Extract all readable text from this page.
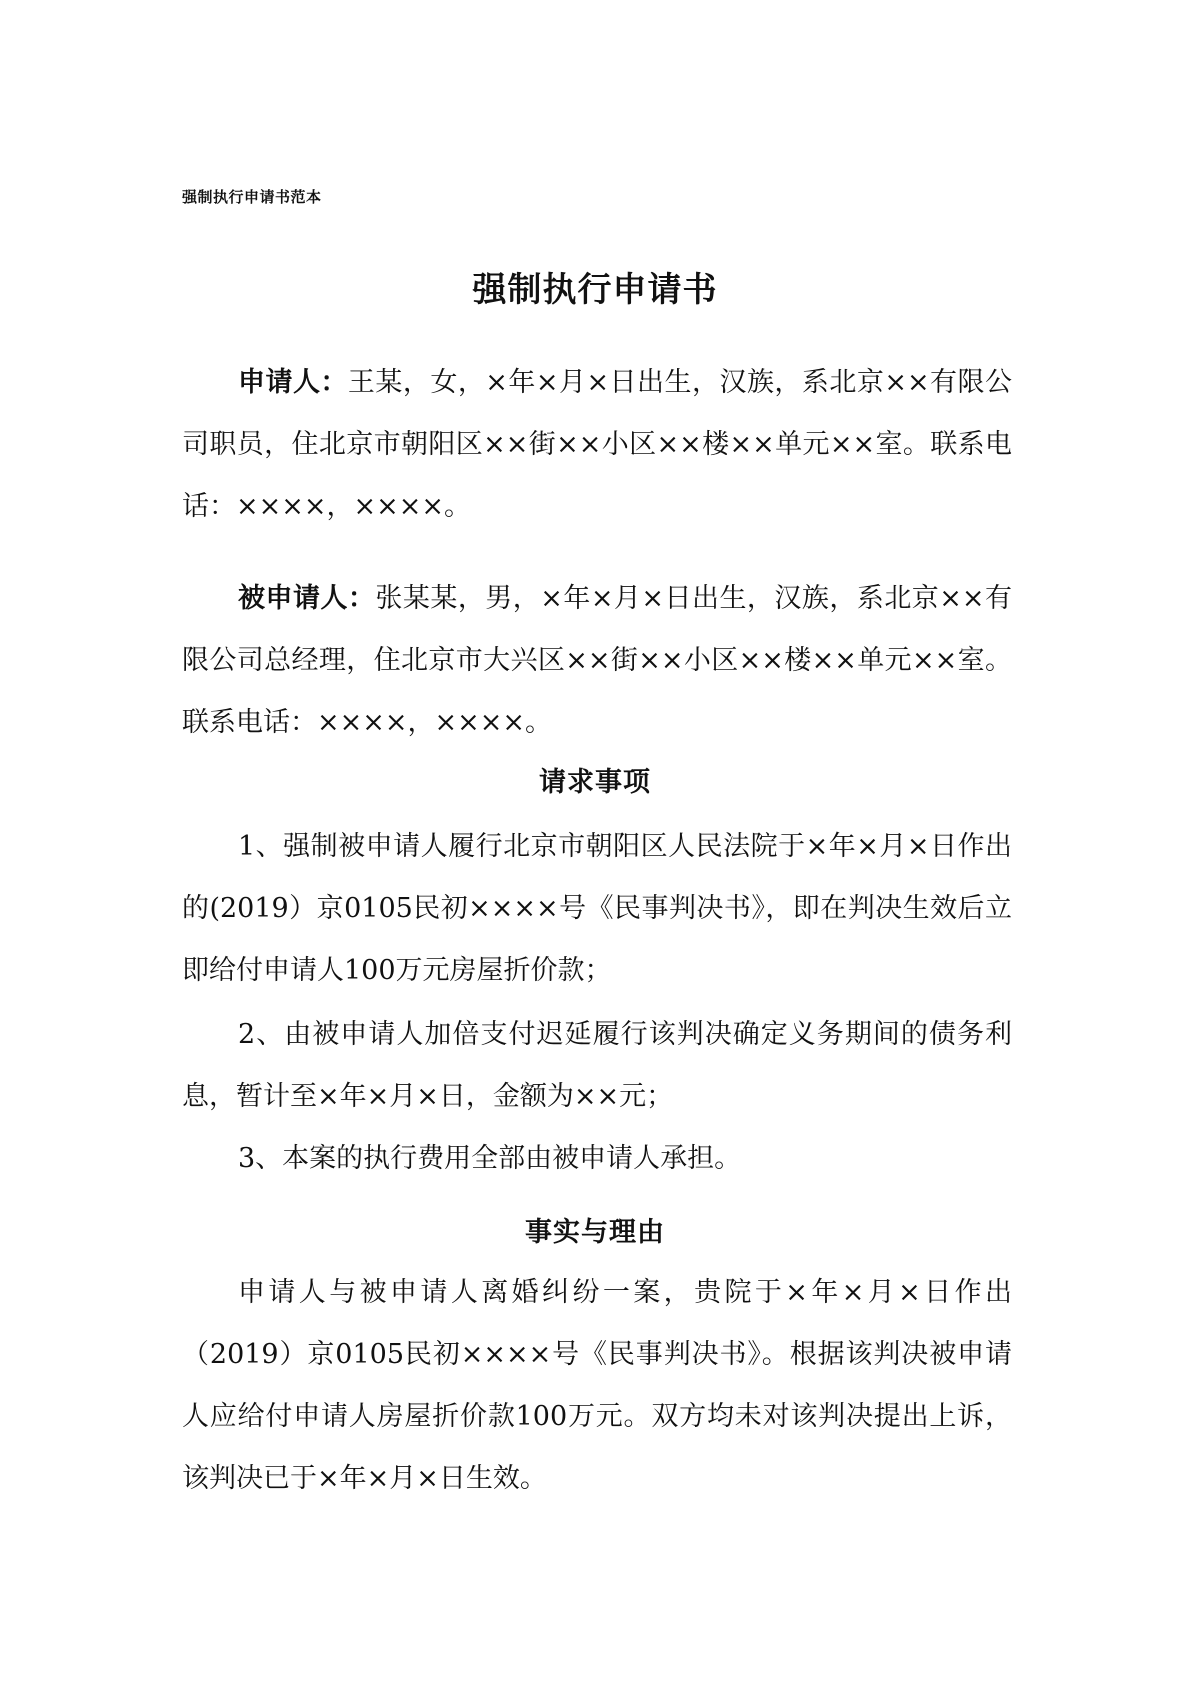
强制执行申请书范本
强制执行申请书

申请人：王某，女，×年×月×日出生，汉族，系北京××有限公司职员，住北京市朝阳区××街××小区××楼××单元××室。联系电话：××××，××××。

被申请人：张某某，男，×年×月×日出生，汉族，系北京××有限公司总经理，住北京市大兴区××街××小区××楼××单元××室。联系电话：××××，××××。

请求事项

1、强制被申请人履行北京市朝阳区人民法院于×年×月×日作出的(2019）京0105民初××××号《民事判决书》，即在判决生效后立即给付申请人100万元房屋折价款；

2、由被申请人加倍支付迟延履行该判决确定义务期间的债务利息，暂计至×年×月×日，金额为××元；

3、本案的执行费用全部由被申请人承担。

事实与理由

申请人与被申请人离婚纠纷一案，贵院于×年×月×日作出（2019）京0105民初××××号《民事判决书》。根据该判决被申请人应给付申请人房屋折价款100万元。双方均未对该判决提出上诉，该判决已于×年×月×日生效。
